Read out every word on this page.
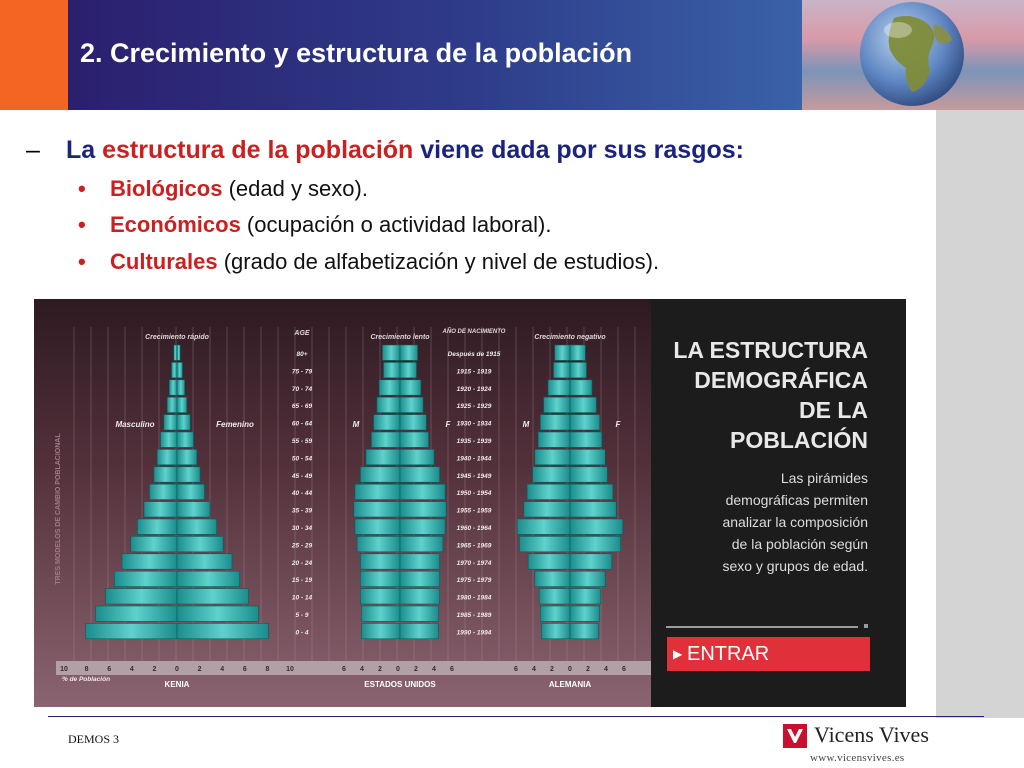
2. Crecimiento y estructura de la población
– La estructura de la población viene dada por sus rasgos:
• Biológicos (edad y sexo).
• Económicos (ocupación o actividad laboral).
• Culturales (grado de alfabetización y nivel de estudios).
Crecimiento rápido
KENIA
Masculino	Femenino
Crecimiento lento
ESTADOS UNIDOS
M	F
Crecimiento negativo
ALEMANIA
M	F
AGE
80+
75 - 79
70 - 74
65 - 69
60 - 64
55 - 59
50 - 54
45 - 49
40 - 44
35 - 39
30 - 34
25 - 29
20 - 24
15 - 19
10 - 14
5 - 9
0 - 4
AÑO DE NACIMIENTO
Después de 1915
1915 - 1919
1920 - 1924
1925 - 1929
1930 - 1934
1935 - 1939
1940 - 1944
1945 - 1949
1950 - 1954
1955 - 1959
1960 - 1964
1965 - 1969
1970 - 1974
1975 - 1979
1980 - 1984
1985 - 1989
1990 - 1994
10 8	6	4	2	0	2	4	6	8 10	6 4 2 0 2 4 6	6 4 2 0 2 4 6
% de Población
TRES MODELOS DE CAMBIO POBLACIONAL
LA ESTRUCTURA
DEMOGRÁFICA
DE LA
POBLACIÓN
Las pirámides
demográficas permiten
analizar la composición
de la población según
sexo y grupos de edad.
▶ ENTRAR
DEMOS 3	Vicens Vives
www.vicensvives.es
